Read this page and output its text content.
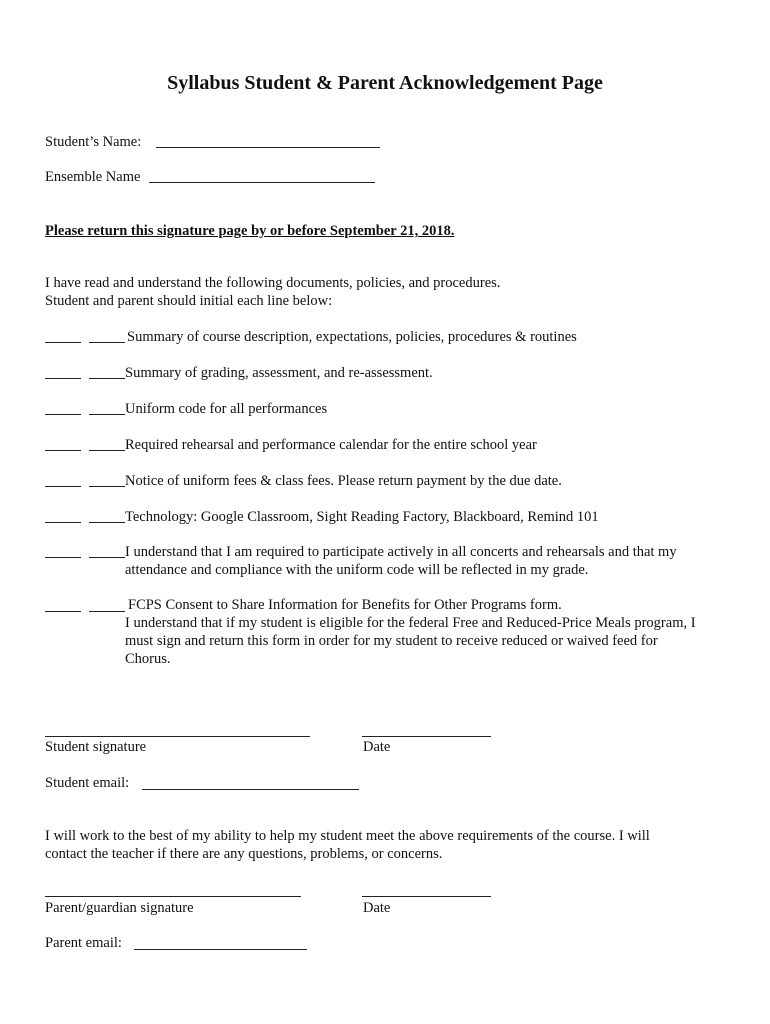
Syllabus Student & Parent Acknowledgement Page
Student’s Name:
Ensemble Name
Please return this signature page by or before September 21, 2018.
I have read and understand the following documents, policies, and procedures.
Student and parent should initial each line below:
Summary of course description, expectations, policies, procedures & routines
Summary of grading, assessment, and re-assessment.
Uniform code for all performances
Required rehearsal and performance calendar for the entire school year
Notice of uniform fees & class fees. Please return payment by the due date.
Technology: Google Classroom, Sight Reading Factory, Blackboard, Remind 101
I understand that I am required to participate actively in all concerts and rehearsals and that my
attendance and compliance with the uniform code will be reflected in my grade.
FCPS Consent to Share Information for Benefits for Other Programs form.
I understand that if my student is eligible for the federal Free and Reduced-Price Meals program, I
must sign and return this form in order for my student to receive reduced or waived feed for
Chorus.
Student signature	Date
Student email:
I will work to the best of my ability to help my student meet the above requirements of the course. I will
contact the teacher if there are any questions, problems, or concerns.
Parent/guardian signature	Date
Parent email:
